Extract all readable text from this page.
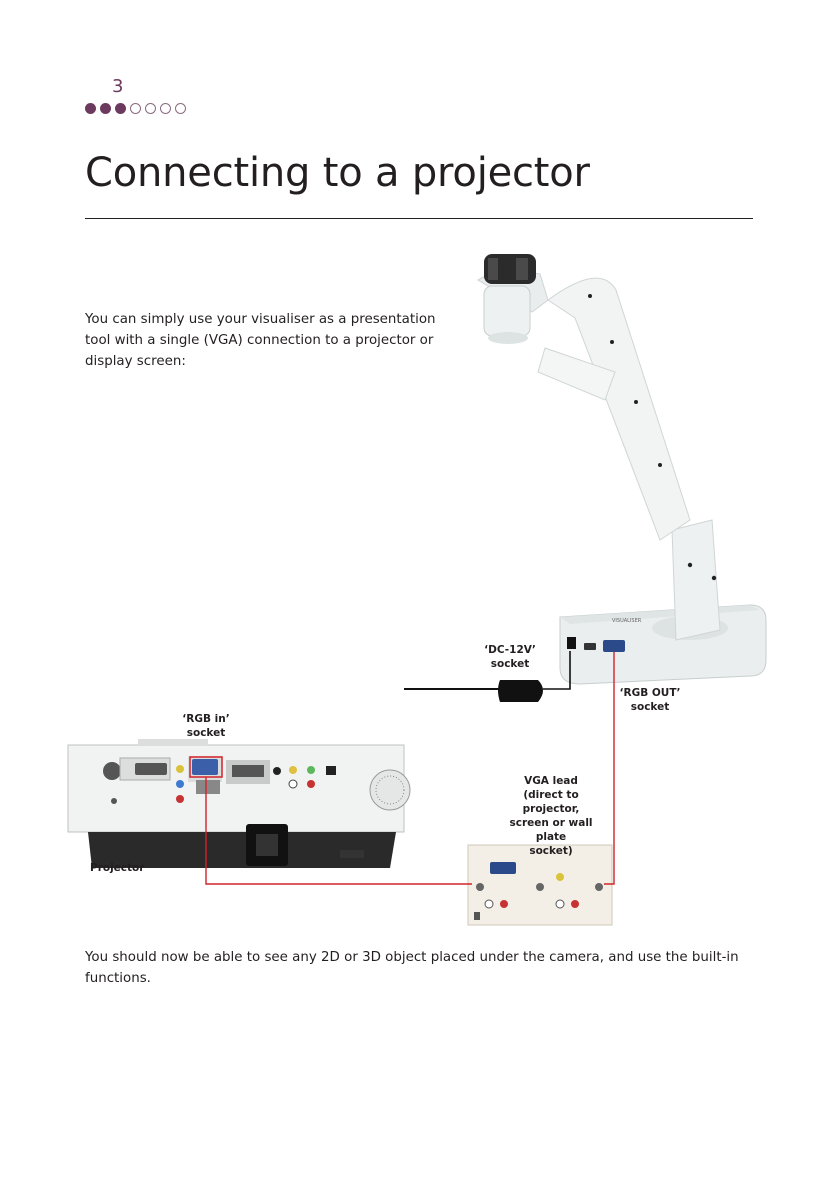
3
Connecting to a projector
You can simply use your visualiser as a presentation tool with a single (VGA) connection to a projector or display screen:
VISUALISER
‘DC-12V’
socket
‘RGB OUT’
socket
‘RGB in’
socket
VGA lead
(direct to projector,
screen or wall plate
socket)
Projector
You should now be able to see any 2D or 3D object placed under the camera, and use the built-in functions.
